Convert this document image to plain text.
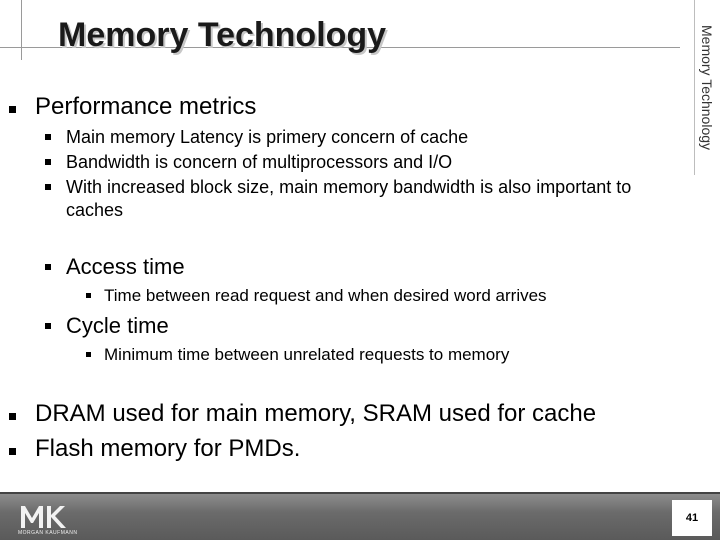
Memory Technology	Memory Technology
Performance metrics
Main memory Latency is primery concern of cache
Bandwidth is concern of multiprocessors and I/O
With increased block size, main memory bandwidth is also important to
caches
Access time
Time between read request and when desired word arrives
Cycle time
Minimum time between unrelated requests to memory
DRAM used for main memory, SRAM used for cache
Flash memory for PMDs.
MORGAN KAUFMANN
41
